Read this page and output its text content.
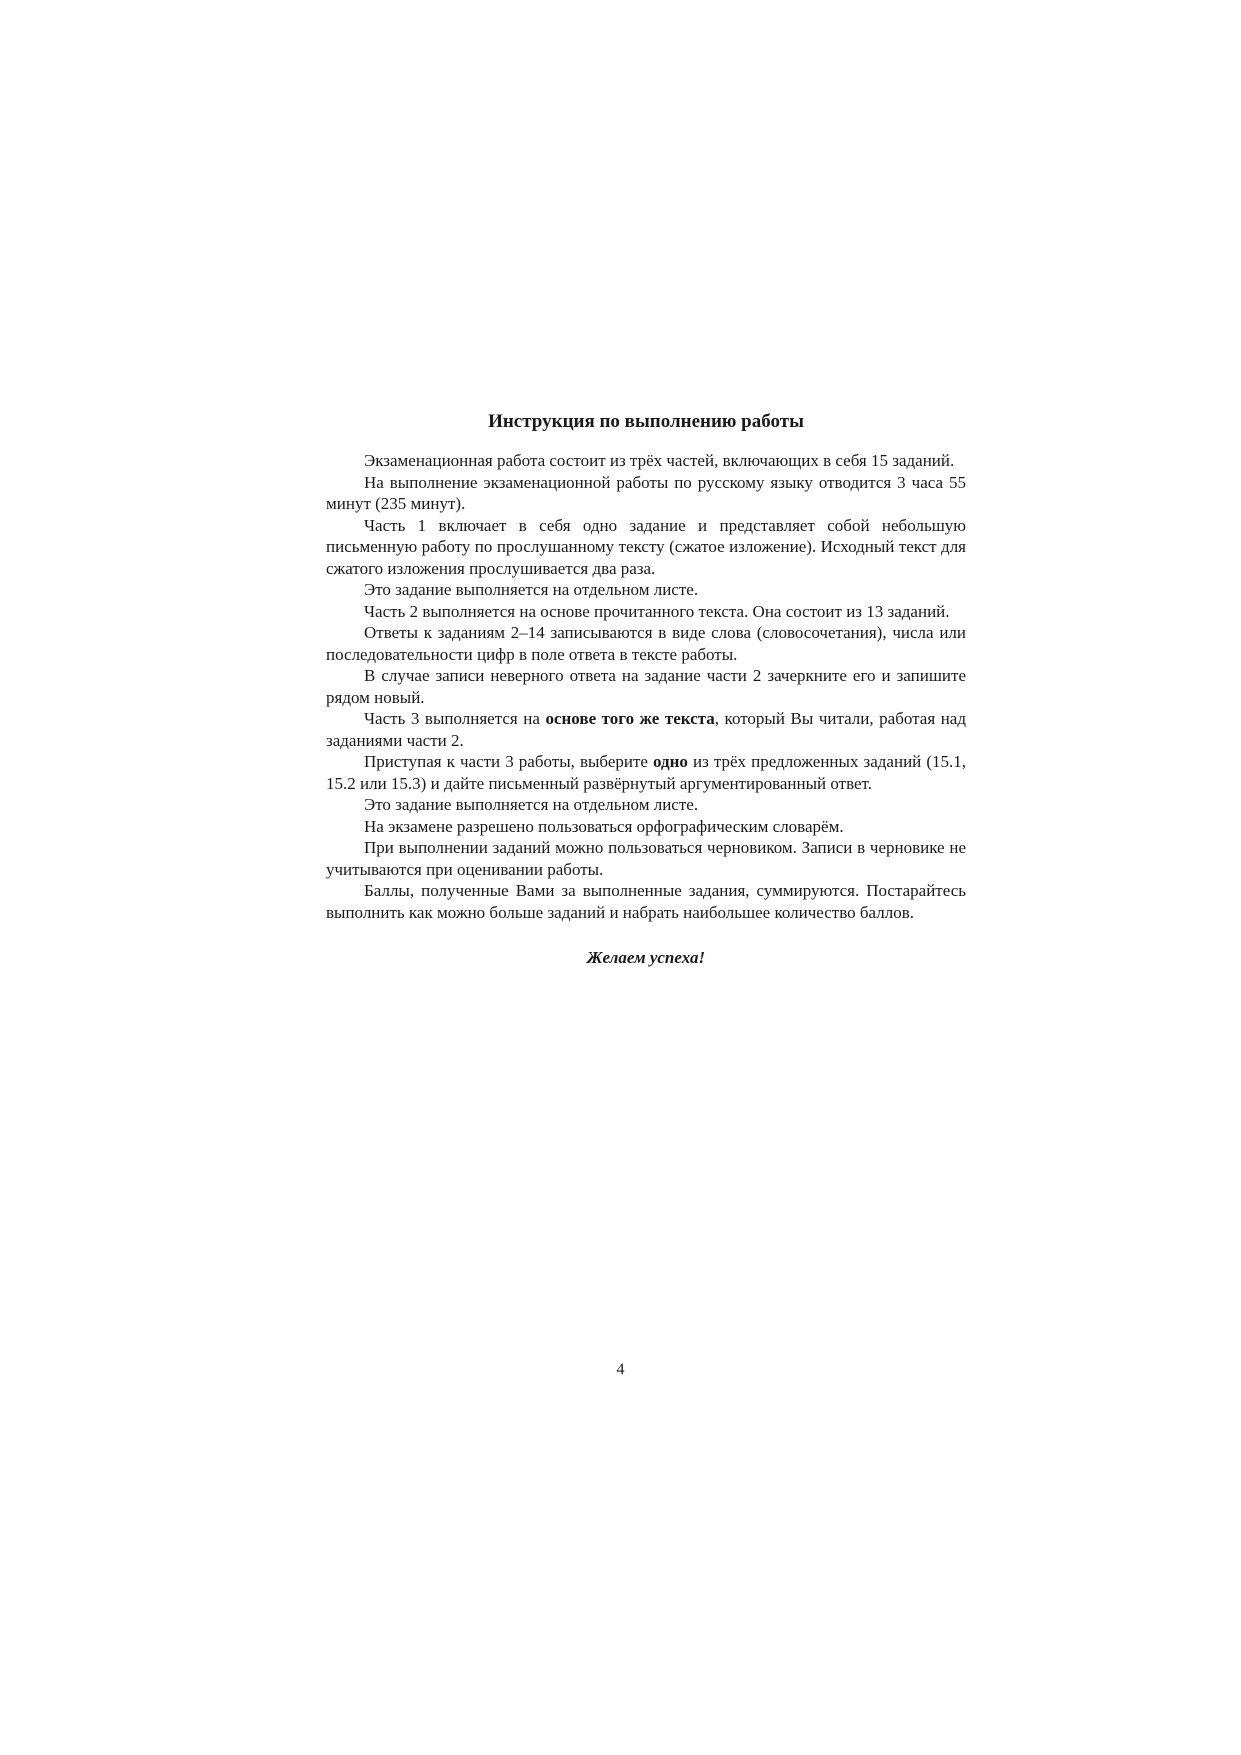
Инструкция по выполнению работы

Экзаменационная работа состоит из трёх частей, включающих в себя 15 заданий.

На выполнение экзаменационной работы по русскому языку отводится 3 часа 55 минут (235 минут).

Часть 1 включает в себя одно задание и представляет собой небольшую письменную работу по прослушанному тексту (сжатое изложение). Исходный текст для сжатого изложения прослушивается два раза.

Это задание выполняется на отдельном листе.

Часть 2 выполняется на основе прочитанного текста. Она состоит из 13 заданий.

Ответы к заданиям 2–14 записываются в виде слова (словосочетания), числа или последовательности цифр в поле ответа в тексте работы.

В случае записи неверного ответа на задание части 2 зачеркните его и запишите рядом новый.

Часть 3 выполняется на основе того же текста, который Вы читали, работая над заданиями части 2.

Приступая к части 3 работы, выберите одно из трёх предложенных заданий (15.1, 15.2 или 15.3) и дайте письменный развёрнутый аргументированный ответ.

Это задание выполняется на отдельном листе.

На экзамене разрешено пользоваться орфографическим словарём.

При выполнении заданий можно пользоваться черновиком. Записи в черновике не учитываются при оценивании работы.

Баллы, полученные Вами за выполненные задания, суммируются. Постарайтесь выполнить как можно больше заданий и набрать наибольшее количество баллов.

Желаем успеха!
4
